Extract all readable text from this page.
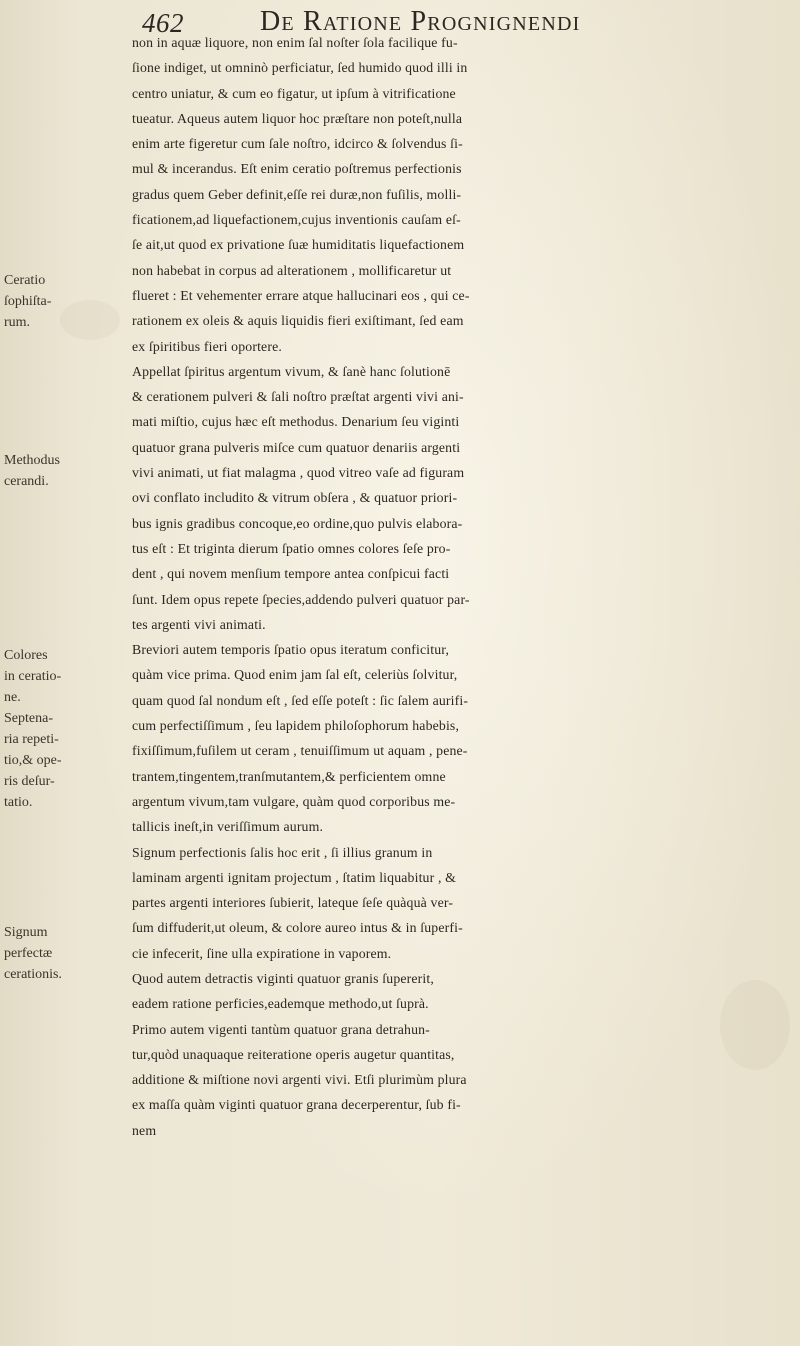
462	De Ratione Prognignendi
Ceratio
ſophiſta-
rum.
Methodus
cerandi.
Colores
in ceratio-
ne.
Septena-
ria repeti-
tio,& ope-
ris deſur-
tatio.
Signum
perfectæ
cerationis.
non in aquæ liquore, non enim ſal noſter ſola facilique fu-
ſione indiget, ut omninò perficiatur, ſed humido quod illi in
centro uniatur, & cum eo figatur, ut ipſum à vitrificatione
tueatur. Aqueus autem liquor hoc præſtare non poteſt,nulla
enim arte figeretur cum ſale noſtro, idcirco & ſolvendus ſi-
mul & incerandus. Eſt enim ceratio poſtremus perfectionis
gradus quem Geber definit,eſſe rei duræ,non fuſilis, molli-
ficationem,ad liquefactionem,cujus inventionis cauſam eſ-
ſe ait,ut quod ex privatione ſuæ humiditatis liquefactionem
non habebat in corpus ad alterationem , mollificaretur ut
flueret : Et vehementer errare atque hallucinari eos , qui ce-
rationem ex oleis & aquis liquidis fieri exiſtimant, ſed eam
ex ſpiritibus fieri oportere.
Appellat ſpiritus argentum vivum, & ſanè hanc ſolutionē
& cerationem pulveri & ſali noſtro præſtat argenti vivi ani-
mati miſtio, cujus hæc eſt methodus. Denarium ſeu viginti
quatuor grana pulveris miſce cum quatuor denariis argenti
vivi animati, ut fiat malagma , quod vitreo vaſe ad figuram
ovi conflato includito & vitrum obſera , & quatuor priori-
bus ignis gradibus concoque,eo ordine,quo pulvis elabora-
tus eſt : Et triginta dierum ſpatio omnes colores ſeſe pro-
dent , qui novem menſium tempore antea conſpicui facti
ſunt. Idem opus repete ſpecies,addendo pulveri quatuor par-
tes argenti vivi animati.
Breviori autem temporis ſpatio opus iteratum conficitur,
quàm vice prima. Quod enim jam ſal eſt, celeriùs ſolvitur,
quam quod ſal nondum eſt , ſed eſſe poteſt : ſic ſalem aurifi-
cum perfectiſſimum , ſeu lapidem philoſophorum habebis,
fixiſſimum,fuſilem ut ceram , tenuiſſimum ut aquam , pene-
trantem,tingentem,tranſmutantem,& perficientem omne
argentum vivum,tam vulgare, quàm quod corporibus me-
tallicis ineſt,in veriſſimum aurum.
Signum perfectionis ſalis hoc erit , ſi illius granum in
laminam argenti ignitam projectum , ſtatim liquabitur , &
partes argenti interiores ſubierit, lateque ſeſe quàquà ver-
ſum diffuderit,ut oleum, & colore aureo intus & in ſuperfi-
cie infecerit, ſine ulla expiratione in vaporem.
Quod autem detractis viginti quatuor granis ſupererit,
eadem ratione perficies,eademque methodo,ut ſuprà.
Primo autem vigenti tantùm quatuor grana detrahun-
tur,quòd unaquaque reiteratione operis augetur quantitas,
additione & miſtione novi argenti vivi. Etſi plurimùm plura
ex maſſa quàm viginti quatuor grana decerperentur, ſub fi-
nem
